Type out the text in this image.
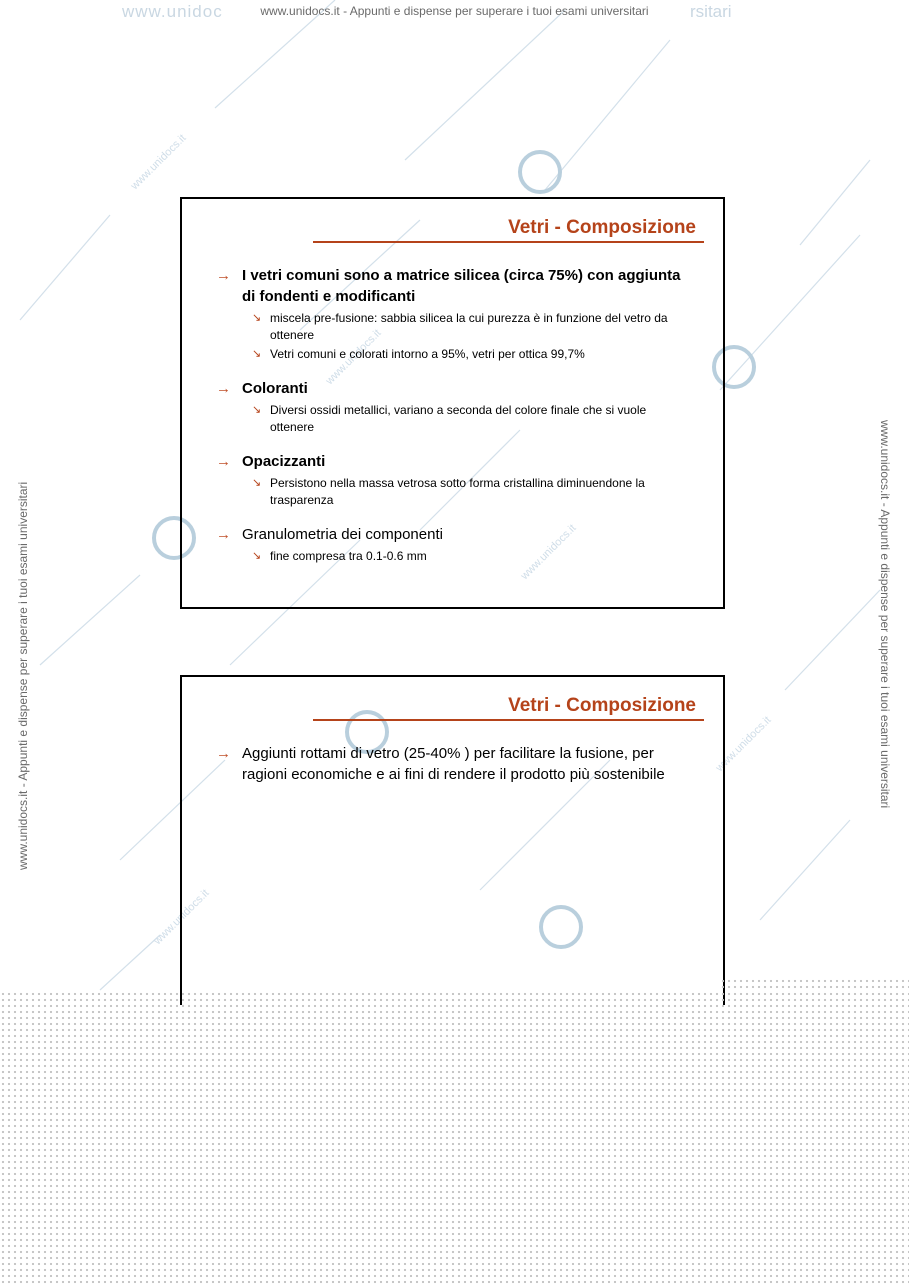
www.unidocs.it
www.unidocs.it
www.unidocs.it
www.unidocs.it
www.unidocs.it
www.unidoc	rsitari
www.unidocs.it - Appunti e dispense per superare i tuoi esami universitari
www.unidocs.it - Appunti e dispense per superare i tuoi esami universitari	www.unidocs.it - Appunti e dispense per superare i tuoi esami universitari
Vetri - Composizione
→ I vetri comuni sono a matrice silicea (circa 75%) con aggiunta di fondenti e modificanti
↘ miscela pre-fusione: sabbia silicea la cui purezza è in funzione del vetro da ottenere
↘ Vetri comuni e colorati intorno a 95%, vetri per ottica 99,7%
→ Coloranti
↘ Diversi ossidi metallici, variano a seconda del colore finale che si vuole ottenere
→ Opacizzanti
↘ Persistono nella massa vetrosa sotto forma cristallina diminuendone la trasparenza
→ Granulometria dei componenti
↘ fine compresa tra 0.1-0.6 mm
Vetri - Composizione
→ Aggiunti rottami di vetro (25-40% ) per facilitare la fusione, per ragioni economiche e ai fini di rendere il prodotto più sostenibile
